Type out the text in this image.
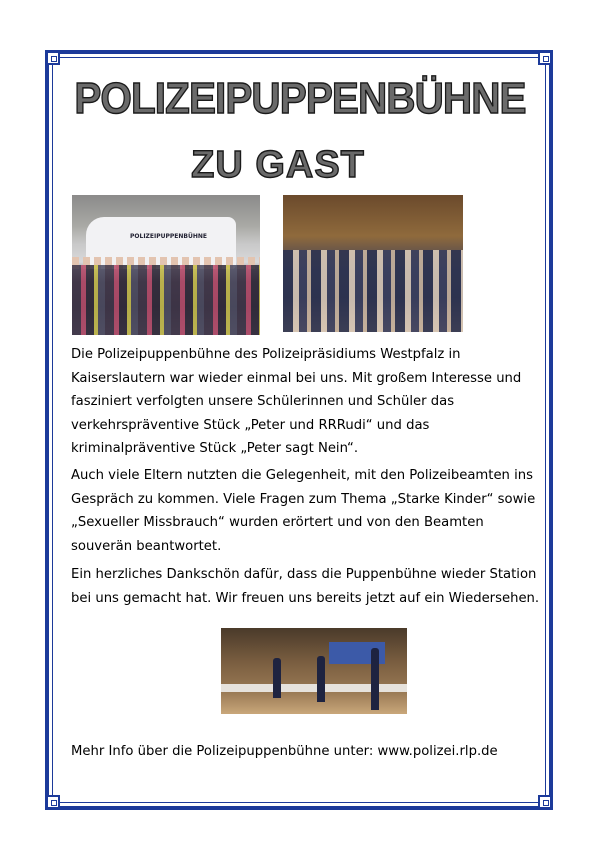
POLIZEIPUPPENBÜHNE
ZU GAST
POLIZEIPUPPENBÜHNE
Die Polizeipuppenbühne des Polizeipräsidiums Westpfalz in Kaiserslautern war wieder einmal bei uns. Mit großem Interesse und fasziniert verfolgten unsere Schülerinnen und Schüler das verkehrspräventive Stück „Peter und RRRudi“ und das kriminalpräventive Stück „Peter sagt Nein“.
Auch viele Eltern nutzten die Gelegenheit, mit den Polizeibeamten ins Gespräch zu kommen. Viele Fragen zum Thema „Starke Kinder“ sowie „Sexueller Missbrauch“ wurden erörtert und von den Beamten souverän beantwortet.
Ein herzliches Dankschön dafür, dass die Puppenbühne wieder Station bei uns gemacht hat. Wir freuen uns bereits jetzt auf ein Wiedersehen.
Mehr Info über die Polizeipuppenbühne unter: www.polizei.rlp.de
